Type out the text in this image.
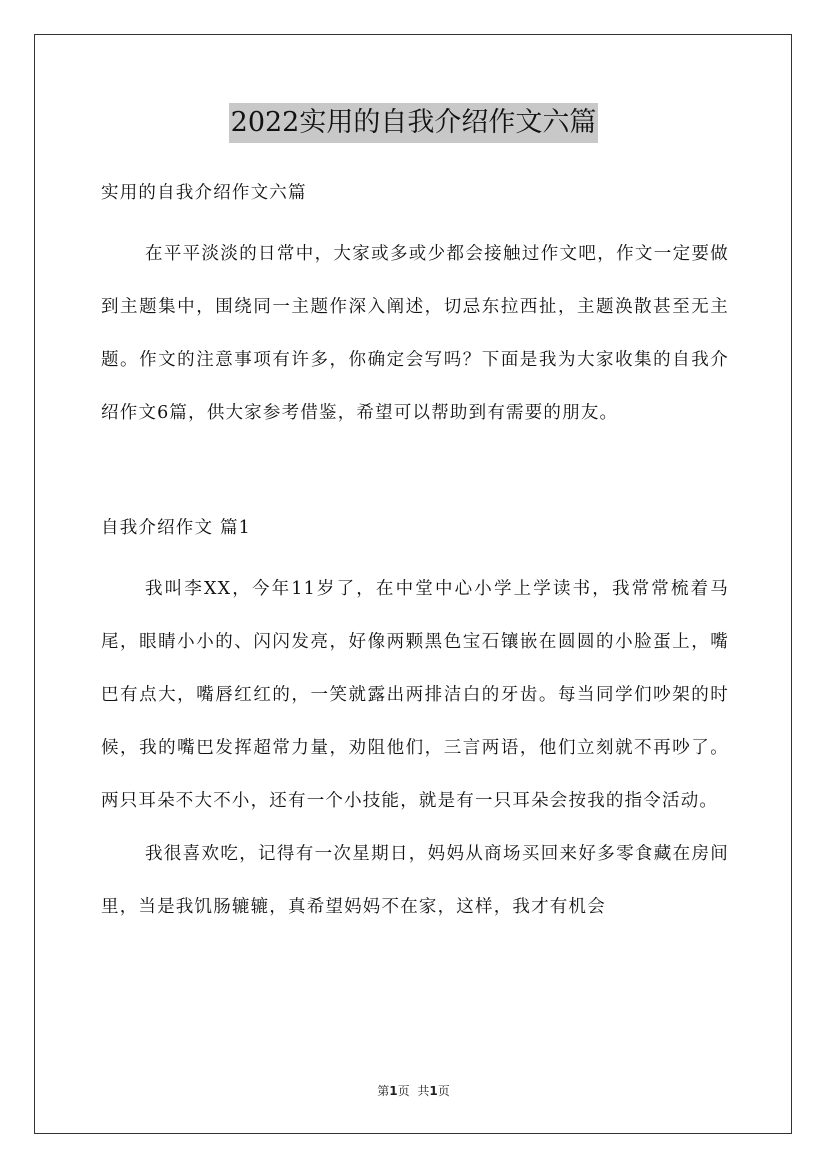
2022实用的自我介绍作文六篇

实用的自我介绍作文六篇

在平平淡淡的日常中，大家或多或少都会接触过作文吧，作文一定要做到主题集中，围绕同一主题作深入阐述，切忌东拉西扯，主题涣散甚至无主题。作文的注意事项有许多，你确定会写吗？下面是我为大家收集的自我介绍作文6篇，供大家参考借鉴，希望可以帮助到有需要的朋友。

自我介绍作文 篇1

我叫李XX，今年11岁了，在中堂中心小学上学读书，我常常梳着马尾，眼睛小小的、闪闪发亮，好像两颗黑色宝石镶嵌在圆圆的小脸蛋上，嘴巴有点大，嘴唇红红的，一笑就露出两排洁白的牙齿。每当同学们吵架的时候，我的嘴巴发挥超常力量，劝阻他们，三言两语，他们立刻就不再吵了。两只耳朵不大不小，还有一个小技能，就是有一只耳朵会按我的指令活动。

我很喜欢吃，记得有一次星期日，妈妈从商场买回来好多零食藏在房间里，当是我饥肠辘辘，真希望妈妈不在家，这样，我才有机会

第1页 共1页
